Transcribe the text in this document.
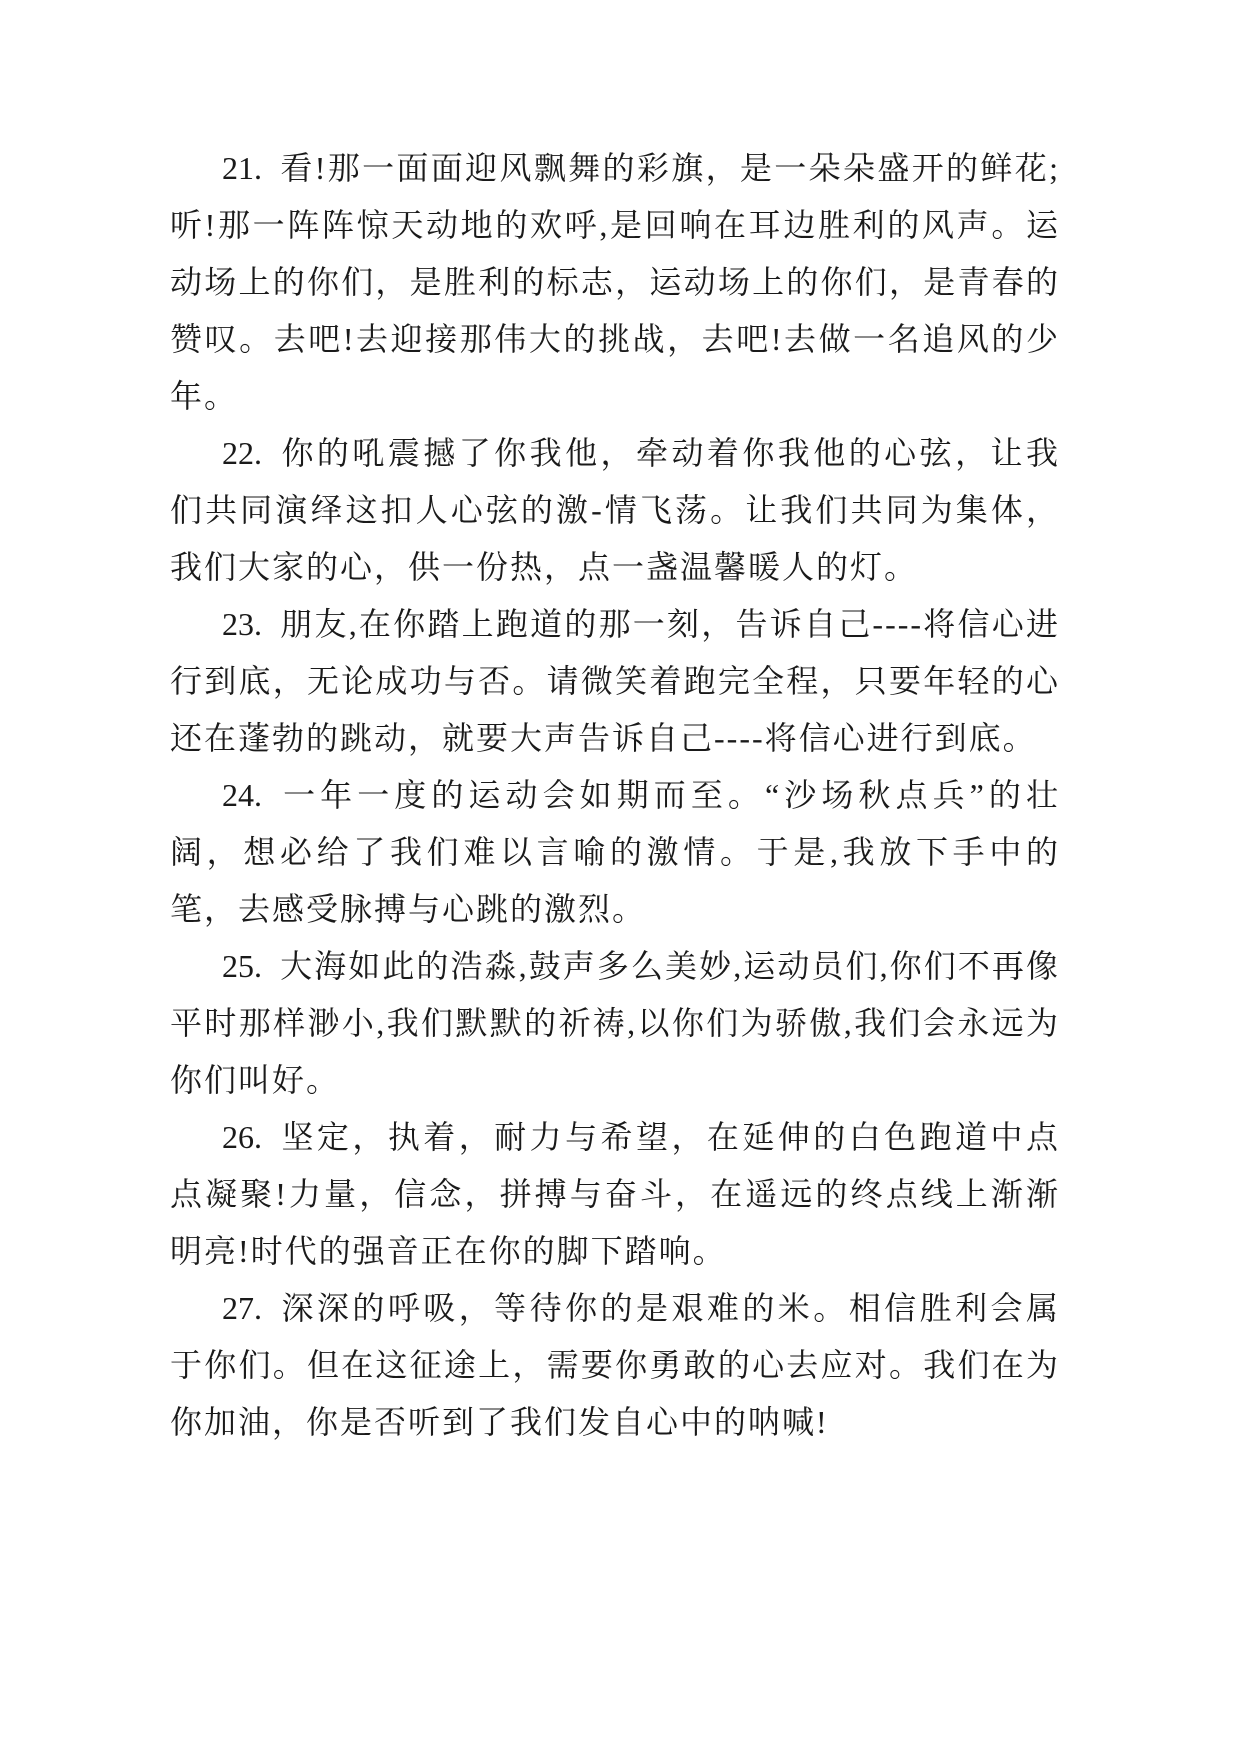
21. 看!那一面面迎风飘舞的彩旗，是一朵朵盛开的鲜花;听!那一阵阵惊天动地的欢呼,是回响在耳边胜利的风声。运动场上的你们，是胜利的标志，运动场上的你们，是青春的赞叹。去吧!去迎接那伟大的挑战，去吧!去做一名追风的少年。

22. 你的吼震撼了你我他，牵动着你我他的心弦，让我们共同演绎这扣人心弦的激-情飞荡。让我们共同为集体，我们大家的心，供一份热，点一盏温馨暖人的灯。

23. 朋友,在你踏上跑道的那一刻，告诉自己----将信心进行到底，无论成功与否。请微笑着跑完全程，只要年轻的心还在蓬勃的跳动，就要大声告诉自己----将信心进行到底。

24. 一年一度的运动会如期而至。“沙场秋点兵”的壮阔，想必给了我们难以言喻的激情。于是,我放下手中的笔，去感受脉搏与心跳的激烈。

25. 大海如此的浩淼,鼓声多么美妙,运动员们,你们不再像平时那样渺小,我们默默的祈祷,以你们为骄傲,我们会永远为你们叫好。

26. 坚定，执着，耐力与希望，在延伸的白色跑道中点点凝聚!力量，信念，拼搏与奋斗，在遥远的终点线上渐渐明亮!时代的强音正在你的脚下踏响。

27. 深深的呼吸，等待你的是艰难的米。相信胜利会属于你们。但在这征途上，需要你勇敢的心去应对。我们在为你加油，你是否听到了我们发自心中的呐喊!
